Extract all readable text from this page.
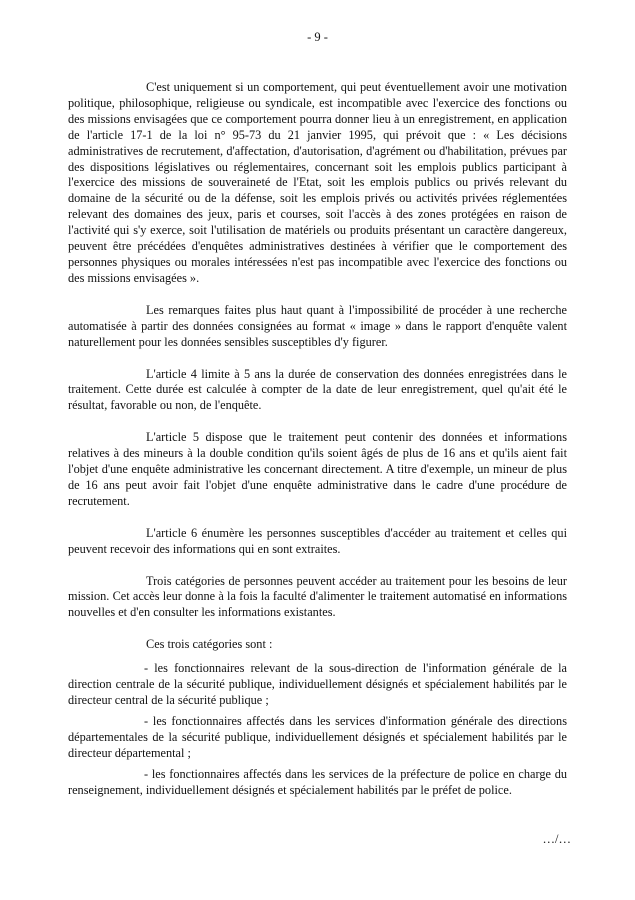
- 9 -

C'est uniquement si un comportement, qui peut éventuellement avoir une motivation politique, philosophique, religieuse ou syndicale, est incompatible avec l'exercice des fonctions ou des missions envisagées que ce comportement pourra donner lieu à un enregistrement, en application de l'article 17-1 de la loi n° 95-73 du 21 janvier 1995, qui prévoit que : « Les décisions administratives de recrutement, d'affectation, d'autorisation, d'agrément ou d'habilitation, prévues par des dispositions législatives ou réglementaires, concernant soit les emplois publics participant à l'exercice des missions de souveraineté de l'Etat, soit les emplois publics ou privés relevant du domaine de la sécurité ou de la défense, soit les emplois privés ou activités privées réglementées relevant des domaines des jeux, paris et courses, soit l'accès à des zones protégées en raison de l'activité qui s'y exerce, soit l'utilisation de matériels ou produits présentant un caractère dangereux, peuvent être précédées d'enquêtes administratives destinées à vérifier que le comportement des personnes physiques ou morales intéressées n'est pas incompatible avec l'exercice des fonctions ou des missions envisagées ».

Les remarques faites plus haut quant à l'impossibilité de procéder à une recherche automatisée à partir des données consignées au format « image » dans le rapport d'enquête valent naturellement pour les données sensibles susceptibles d'y figurer.

L'article 4 limite à 5 ans la durée de conservation des données enregistrées dans le traitement. Cette durée est calculée à compter de la date de leur enregistrement, quel qu'ait été le résultat, favorable ou non, de l'enquête.

L'article 5 dispose que le traitement peut contenir des données et informations relatives à des mineurs à la double condition qu'ils soient âgés de plus de 16 ans et qu'ils aient fait l'objet d'une enquête administrative les concernant directement. A titre d'exemple, un mineur de plus de 16 ans peut avoir fait l'objet d'une enquête administrative dans le cadre d'une procédure de recrutement.

L'article 6 énumère les personnes susceptibles d'accéder au traitement et celles qui peuvent recevoir des informations qui en sont extraites.

Trois catégories de personnes peuvent accéder au traitement pour les besoins de leur mission. Cet accès leur donne à la fois la faculté d'alimenter le traitement automatisé en informations nouvelles et d'en consulter les informations existantes.

Ces trois catégories sont :

- les fonctionnaires relevant de la sous-direction de l'information générale de la direction centrale de la sécurité publique, individuellement désignés et spécialement habilités par le directeur central de la sécurité publique ;

- les fonctionnaires affectés dans les services d'information générale des directions départementales de la sécurité publique, individuellement désignés et spécialement habilités par le directeur départemental ;

- les fonctionnaires affectés dans les services de la préfecture de police en charge du renseignement, individuellement désignés et spécialement habilités par le préfet de police.

…/…
